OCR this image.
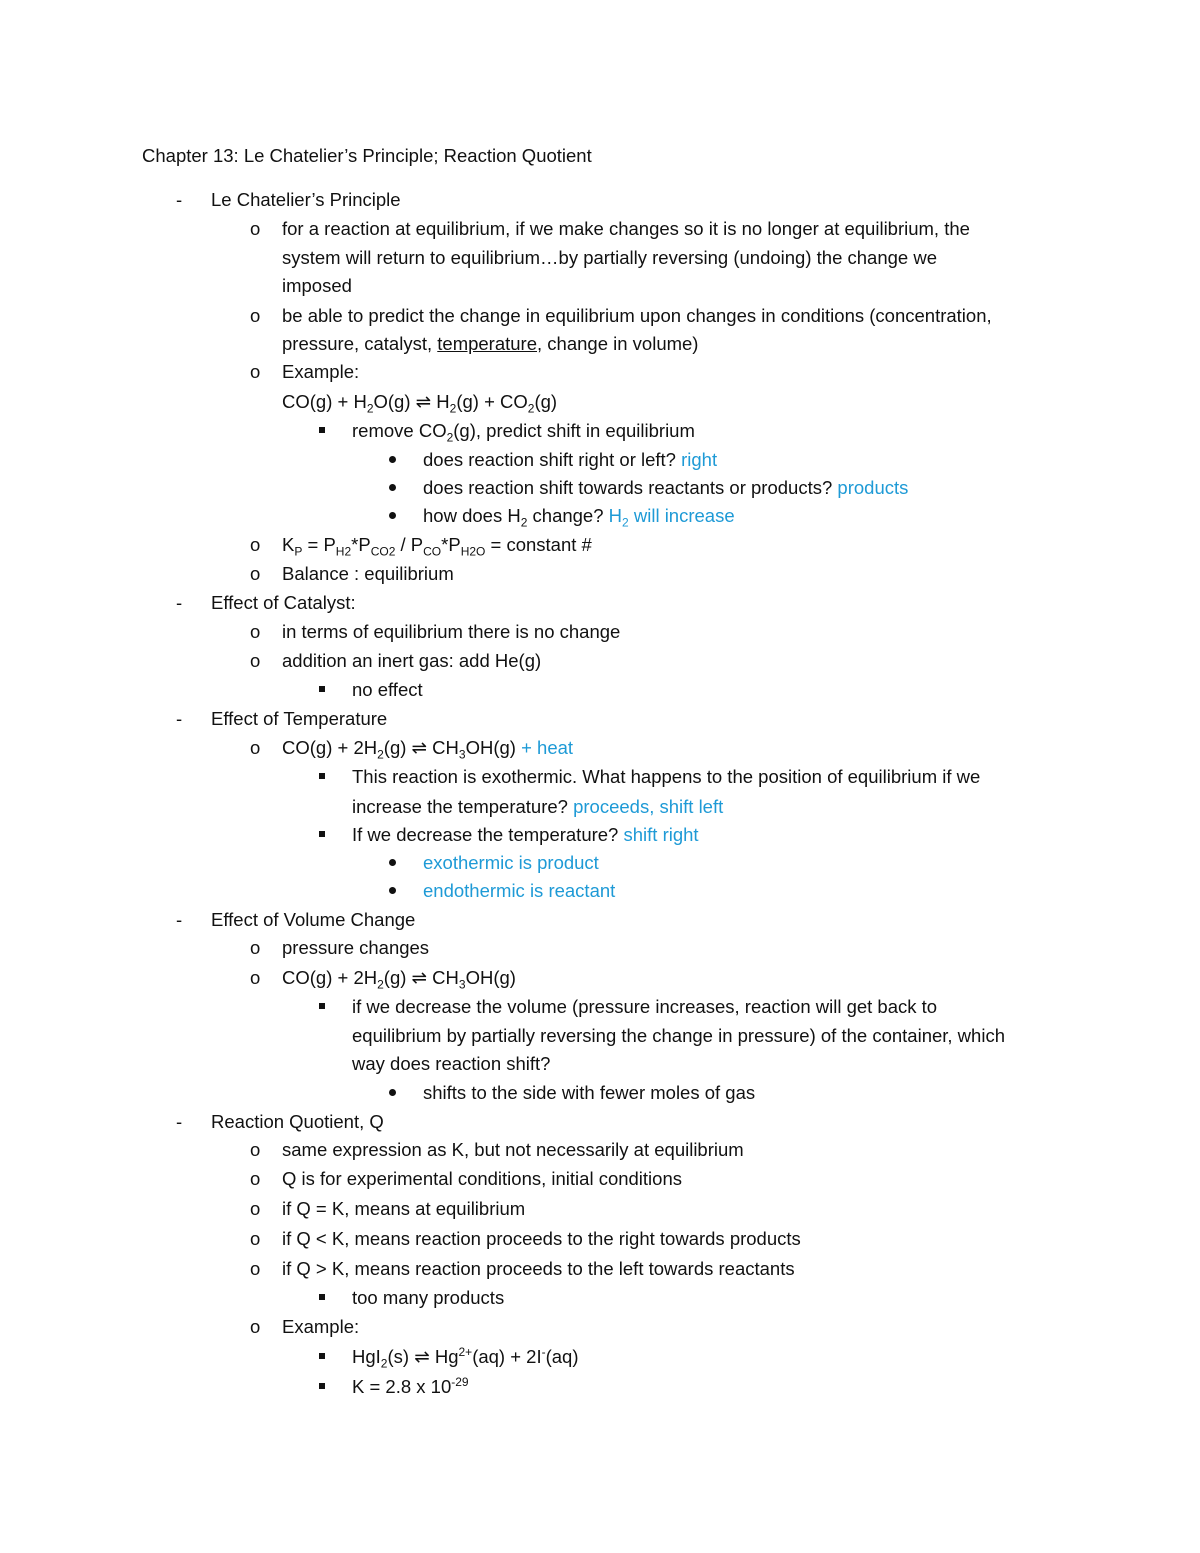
Chapter 13: Le Chatelier’s Principle; Reaction Quotient
- Le Chatelier’s Principle
o for a reaction at equilibrium, if we make changes so it is no longer at equilibrium, the
system will return to equilibrium…by partially reversing (undoing) the change we
imposed
o be able to predict the change in equilibrium upon changes in conditions (concentration,
pressure, catalyst, temperature, change in volume)
o Example:
$CO(g) + H_2O(g)$ ⇌ $H_2(g) + CO_2(g)$
remove $CO_2(g)$, predict shift in equilibrium
does reaction shift right or left? right
does reaction shift towards reactants or products? products
how does $H_2$ change? $H_2$ will increase
o $K_P = P_{H2}*P_{CO2} / P_{CO}*P_{H2O}$ = constant #
o Balance : equilibrium
- Effect of Catalyst:
o in terms of equilibrium there is no change
o addition an inert gas: add He(g)
no effect
- Effect of Temperature
o $CO(g) + 2H_2(g)$ ⇌ $CH_3OH(g)$ + heat
This reaction is exothermic. What happens to the position of equilibrium if we
increase the temperature? proceeds, shift left
If we decrease the temperature? shift right
exothermic is product
endothermic is reactant
- Effect of Volume Change
o pressure changes
o $CO(g) + 2H_2(g)$ ⇌ $CH_3OH(g)$
if we decrease the volume (pressure increases, reaction will get back to
equilibrium by partially reversing the change in pressure) of the container, which
way does reaction shift?
shifts to the side with fewer moles of gas
- Reaction Quotient, Q
o same expression as K, but not necessarily at equilibrium
o Q is for experimental conditions, initial conditions
o if Q = K, means at equilibrium
o if Q < K, means reaction proceeds to the right towards products
o if Q > K, means reaction proceeds to the left towards reactants
too many products
o Example:
HgI$_2$(s) ⇌ $Hg^{2+}(aq) + 2I^-(aq)$
K = 2.8 x $10^{-29}$
